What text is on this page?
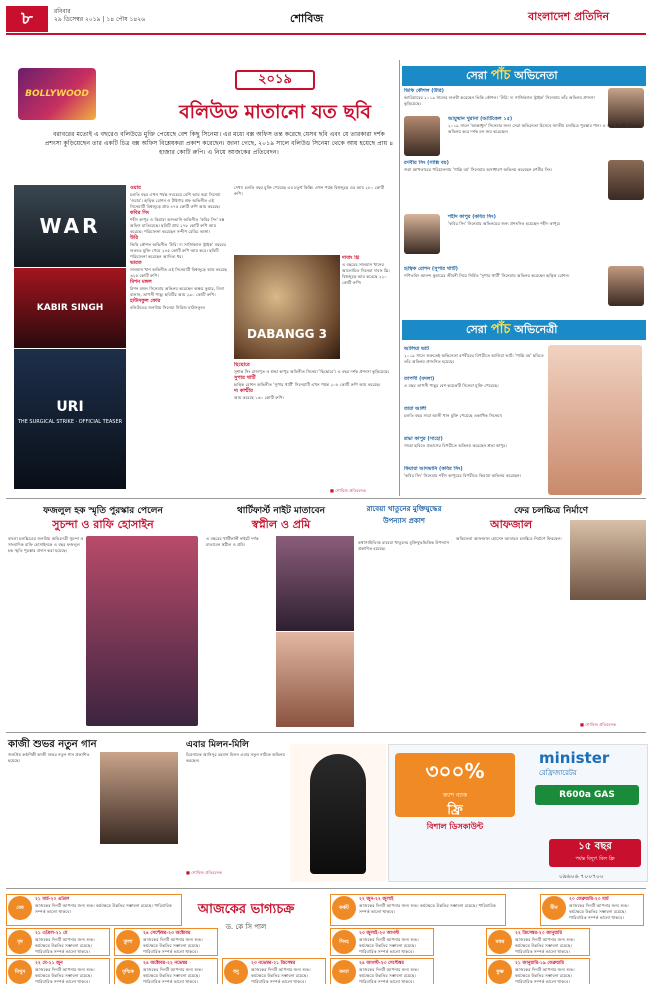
৮	রবিবার
২৯ ডিসেম্বর ২০১৯ | ১৪ পৌষ ১৪২৬	শোবিজ	বাংলাদেশ প্রতিদিন
BOLLYWOOD
২০১৯
বলিউড মাতানো যত ছবি
বরাবরের মতোই এ বছরেও বলিউডে মুক্তি পেয়েছে বেশ কিছু সিনেমা। এর মধ্যে বক্স অফিস তন্ত করেছে যেসব ছবি এবং যে তারকারা দর্শক প্রশংসা কুড়িয়েছেন তার একটি চিত্র বক্স অফিস বিশ্লেষকরা প্রকাশ করেছেন। জানা গেছে, ২০১৯ সালে বলিউড সিনেমা থেকে আয় হয়েছে প্রায় ৪ হাজার কোটি রুপি। এ নিয়ে আজকের প্রতিবেদন।
WAR
KABIR SINGH
URI
THE SURGICAL STRIKE · OFFICIAL TEASER
DABANGG 3
ওয়ার
চলতি বছর এখন পর্যন্ত সবচেয়ে বেশি আয় করা সিনেমা 'ওয়ার'। হৃত্বিক রোশন ও টাইগার শ্রফ অভিনীত এই সিনেমাটি বিশ্বজুড়ে প্রায় ৪৭৫ কোটি রুপি আয় করেছে।
কবির সিং
শহীদ কাপুর ও কিয়ারা আদভানি অভিনীত 'কবির সিং' বক্স অফিস মাতিয়েছে। ছবিটি প্রায় ২৭৮ কোটি রুপি আয় করেছে। পরিচালনা করেছেন সন্দীপ রেড্ডি ভাঙ্গা।
উরি
ভিকি কৌশল অভিনীত 'উরি: দ্য সার্জিক্যাল স্ট্রাইক' বছরের শুরুতে মুক্তি পেয়ে ২৪৫ কোটি রুপি আয় করে। ছবিটি পরিচালনা করেছেন আদিত্য ধর।
ভারত
সালমান খান অভিনীত এই সিনেমাটি বিশ্বজুড়ে আয় করেছে ৩২৫ কোটি রুপি।
মিশন মঙ্গল
মিশন মঙ্গল সিনেমায় অভিনয় করেছেন অক্ষয় কুমার, বিদ্যা বালান, তাপসী পান্নু। ছবিটির আয় ২৯০ কোটি রুপি।
হাউসফুল ফোর
বলিউডের জনপ্রিয় সিনেমা সিরিজ হাউসফুল।
দেখা। চলতি বছর মুক্তি পেয়েছে এর চতুর্থ কিস্তি। এখন পর্যন্ত বিশ্বজুড়ে এর আয় ২৮০ কোটি রুপি।
দাবাং থ্রি
এ বছরের সালমান খানের আলোচিত সিনেমা দাবাং থ্রি। বিশ্বজুড়ে আয় করেছে ২২০ কোটি রুপি।
ছিছোরে
সুশান্ত সিং রাজপুত ও শ্রদ্ধা কাপুর অভিনীত সিনেমা 'ছিছোরে'। এ বছর দর্শক প্রশংসা কুড়িয়েছে।
সুপার থার্টি
হৃত্বিক রোশন অভিনীত 'সুপার থার্টি' সিনেমাটি এখন পর্যন্ত ২০৮ কোটি রুপি আয় করেছে।
দ্য কাশ্মীর
আয় করেছে ১৬০ কোটি রুপি।
■ শোবিজ প্রতিবেদক
সেরা পাঁচ অভিনেতা
ভিকি কৌশল (উরি)
ক্যারিয়ারের ২০১৯ সালের শুরুটা করেছেন ভিকি কৌশল। 'উরি: দ্য সার্জিক্যাল স্ট্রাইক' সিনেমায় তাঁর অভিনয় প্রশংসা কুড়িয়েছে।
আয়ুষ্মান খুরানা (আর্টিকেল ১৫)
২০১৯ সালে 'আন্ধাধুন' সিনেমার জন্য সেরা অভিনেতা হিসেবে জাতীয় চলচ্চিত্র পুরস্কার পান। এ বছর তিনটি সিনেমায় অভিনয় করে দর্শক মন জয় করেছেন।
রণবীর সিং (গাল্লি বয়)
জয়া আখতারের পরিচালনায় 'গাল্লি বয়' সিনেমায় অসাধারণ অভিনয় করেছেন রণবীর সিং।
শহীদ কাপুর (কবির সিং)
'কবির সিং' সিনেমায় অভিনয়ের জন্য প্রশংসিত হয়েছেন শহীদ কাপুর।
হৃত্বিক রোশন (সুপার থার্টি)
গণিতবিদ আনন্দ কুমারের জীবনী নিয়ে নির্মিত 'সুপার থার্টি' সিনেমায় অভিনয় করেছেন হৃত্বিক রোশন।
সেরা পাঁচ অভিনেত্রী
আলিয়া ভাট
২০১৯ সালে শুরুতেই অভিনেতা রণবীরের বিপরীতে আলিয়া ভাট। 'গাল্লি বয়' ছবিতে তাঁর অভিনয় প্রশংসিত হয়েছে।
তাপসী (বদলা)
এ বছর তাপসী পান্নুর বেশ কয়েকটি সিনেমা মুক্তি পেয়েছে।
তারা আলী
চলতি বছর সারা আলী খান মুক্তি পেয়েছে একাধিক সিনেমা।
শ্রদ্ধা কাপুর (সাহো)
সাহো ছবিতে প্রভাসের বিপরীতে অভিনয় করেছেন শ্রদ্ধা কাপুর।
কিয়ারা আদভানি (কবির সিং)
'কবির সিং' সিনেমায় শহীদ কাপুরের বিপরীতে কিয়ারা অভিনয় করেছেন।
ফজলুল হক স্মৃতি পুরস্কার পেলেন
সুচন্দা ও রাফি হোসাইন
বাংলা চলচ্চিত্রের জনপ্রিয় অভিনেত্রী সুচন্দা ও সাংবাদিক রাফি হোসাইনকে এ বছর ফজলুল হক স্মৃতি পুরস্কার প্রদান করা হয়েছে।
থার্টিফার্স্ট নাইট মাতাবেন
স্বপ্নীল ও প্রমি
এ বছরের থার্টিফার্স্ট নাইটে দর্শক মাতাবেন স্বপ্নীল ও প্রমি।
রাবেয়া খাতুনের মুক্তিযুদ্ধের উপন্যাস প্রকাশ
কথাসাহিত্যিক রাবেয়া খাতুনের মুক্তিযুদ্ধভিত্তিক উপন্যাস প্রকাশিত হয়েছে।
ফের চলচ্চিত্র নির্মাণে
আফজাল
অভিনেতা আফজাল হোসেন আবারও চলচ্চিত্র নির্মাণে ফিরছেন।
■ শোবিজ প্রতিবেদক
কাজী শুভর নতুন গান
জনপ্রিয় কণ্ঠশিল্পী কাজী শুভর নতুন গান প্রকাশিত হয়েছে।
এবার মিলন-মিলি
চিত্রনায়ক আনিসুর রহমান মিলন এবার নতুন নাটকে অভিনয় করছেন।
■ শোবিজ প্রতিবেদক
৩০০%
ক্যাশ ব্যাক
ফ্রি
বিশাল ডিসকাউন্ট
minister
রেফ্রিজারেটর
R600a GAS
১৫ বছর
পর্যন্ত বিদ্যুৎ বিল ফ্রি
০৯৬০৬ ৭০০৭০০
আজকের ভাগ্যচক্র
ড. কে সি পাল
মেষ
২১ মার্চ-২০ এপ্রিল
আজকের দিনটি আপনার জন্য শুভ। কর্মক্ষেত্রে উন্নতির সম্ভাবনা রয়েছে। পারিবারিক সম্পর্ক ভালো থাকবে।
বৃষ
২১ এপ্রিল-২১ মে
আজকের দিনটি আপনার জন্য শুভ। কর্মক্ষেত্রে উন্নতির সম্ভাবনা রয়েছে। পারিবারিক সম্পর্ক ভালো থাকবে।
মিথুন
২২ মে-২১ জুন
আজকের দিনটি আপনার জন্য শুভ। কর্মক্ষেত্রে উন্নতির সম্ভাবনা রয়েছে। পারিবারিক সম্পর্ক ভালো থাকবে।
কর্কট
২২ জুন-২২ জুলাই
আজকের দিনটি আপনার জন্য শুভ। কর্মক্ষেত্রে উন্নতির সম্ভাবনা রয়েছে। পারিবারিক সম্পর্ক ভালো থাকবে।
সিংহ
২৩ জুলাই-২৩ আগস্ট
আজকের দিনটি আপনার জন্য শুভ। কর্মক্ষেত্রে উন্নতির সম্ভাবনা রয়েছে। পারিবারিক সম্পর্ক ভালো থাকবে।
কন্যা
২৪ আগস্ট-২৩ সেপ্টেম্বর
আজকের দিনটি আপনার জন্য শুভ। কর্মক্ষেত্রে উন্নতির সম্ভাবনা রয়েছে। পারিবারিক সম্পর্ক ভালো থাকবে।
তুলা
২৪ সেপ্টেম্বর-২৩ অক্টোবর
আজকের দিনটি আপনার জন্য শুভ। কর্মক্ষেত্রে উন্নতির সম্ভাবনা রয়েছে। পারিবারিক সম্পর্ক ভালো থাকবে।
বৃশ্চিক
২৪ অক্টোবর-২২ নভেম্বর
আজকের দিনটি আপনার জন্য শুভ। কর্মক্ষেত্রে উন্নতির সম্ভাবনা রয়েছে। পারিবারিক সম্পর্ক ভালো থাকবে।
ধনু
২৩ নভেম্বর-২১ ডিসেম্বর
আজকের দিনটি আপনার জন্য শুভ। কর্মক্ষেত্রে উন্নতির সম্ভাবনা রয়েছে। পারিবারিক সম্পর্ক ভালো থাকবে।
মকর
২২ ডিসেম্বর-২০ জানুয়ারি
আজকের দিনটি আপনার জন্য শুভ। কর্মক্ষেত্রে উন্নতির সম্ভাবনা রয়েছে। পারিবারিক সম্পর্ক ভালো থাকবে।
কুম্ভ
২১ জানুয়ারি-১৯ ফেব্রুয়ারি
আজকের দিনটি আপনার জন্য শুভ। কর্মক্ষেত্রে উন্নতির সম্ভাবনা রয়েছে। পারিবারিক সম্পর্ক ভালো থাকবে।
মীন
২০ ফেব্রুয়ারি-২০ মার্চ
আজকের দিনটি আপনার জন্য শুভ। কর্মক্ষেত্রে উন্নতির সম্ভাবনা রয়েছে। পারিবারিক সম্পর্ক ভালো থাকবে।
